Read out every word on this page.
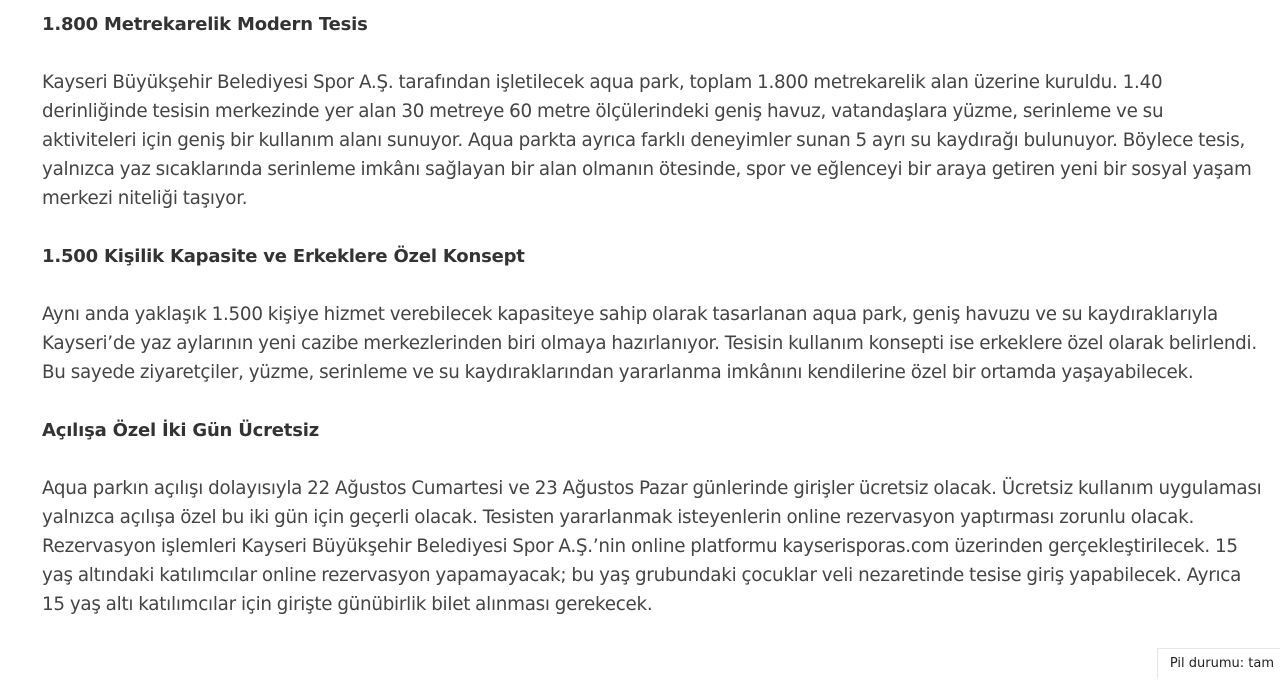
1.800 Metrekarelik Modern Tesis
Kayseri Büyükşehir Belediyesi Spor A.Ş. tarafından işletilecek aqua park, toplam 1.800 metrekarelik alan üzerine kuruldu. 1.40 derinliğinde tesisin merkezinde yer alan 30 metreye 60 metre ölçülerindeki geniş havuz, vatandaşlara yüzme, serinleme ve su aktiviteleri için geniş bir kullanım alanı sunuyor. Aqua parkta ayrıca farklı deneyimler sunan 5 ayrı su kaydırağı bulunuyor. Böylece tesis, yalnızca yaz sıcaklarında serinleme imkânı sağlayan bir alan olmanın ötesinde, spor ve eğlenceyi bir araya getiren yeni bir sosyal yaşam merkezi niteliği taşıyor.
1.500 Kişilik Kapasite ve Erkeklere Özel Konsept
Aynı anda yaklaşık 1.500 kişiye hizmet verebilecek kapasiteye sahip olarak tasarlanan aqua park, geniş havuzu ve su kaydıraklarıyla Kayseri’de yaz aylarının yeni cazibe merkezlerinden biri olmaya hazırlanıyor. Tesisin kullanım konsepti ise erkeklere özel olarak belirlendi. Bu sayede ziyaretçiler, yüzme, serinleme ve su kaydıraklarından yararlanma imkânını kendilerine özel bir ortamda yaşayabilecek.
Açılışa Özel İki Gün Ücretsiz
Aqua parkın açılışı dolayısıyla 22 Ağustos Cumartesi ve 23 Ağustos Pazar günlerinde girişler ücretsiz olacak. Ücretsiz kullanım uygulaması yalnızca açılışa özel bu iki gün için geçerli olacak. Tesisten yararlanmak isteyenlerin online rezervasyon yaptırması zorunlu olacak. Rezervasyon işlemleri Kayseri Büyükşehir Belediyesi Spor A.Ş.’nin online platformu kayserisporas.com üzerinden gerçekleştirilecek. 15 yaş altındaki katılımcılar online rezervasyon yapamayacak; bu yaş grubundaki çocuklar veli nezaretinde tesise giriş yapabilecek. Ayrıca 15 yaş altı katılımcılar için girişte günübirlik bilet alınması gerekecek.
Pil durumu: tam
